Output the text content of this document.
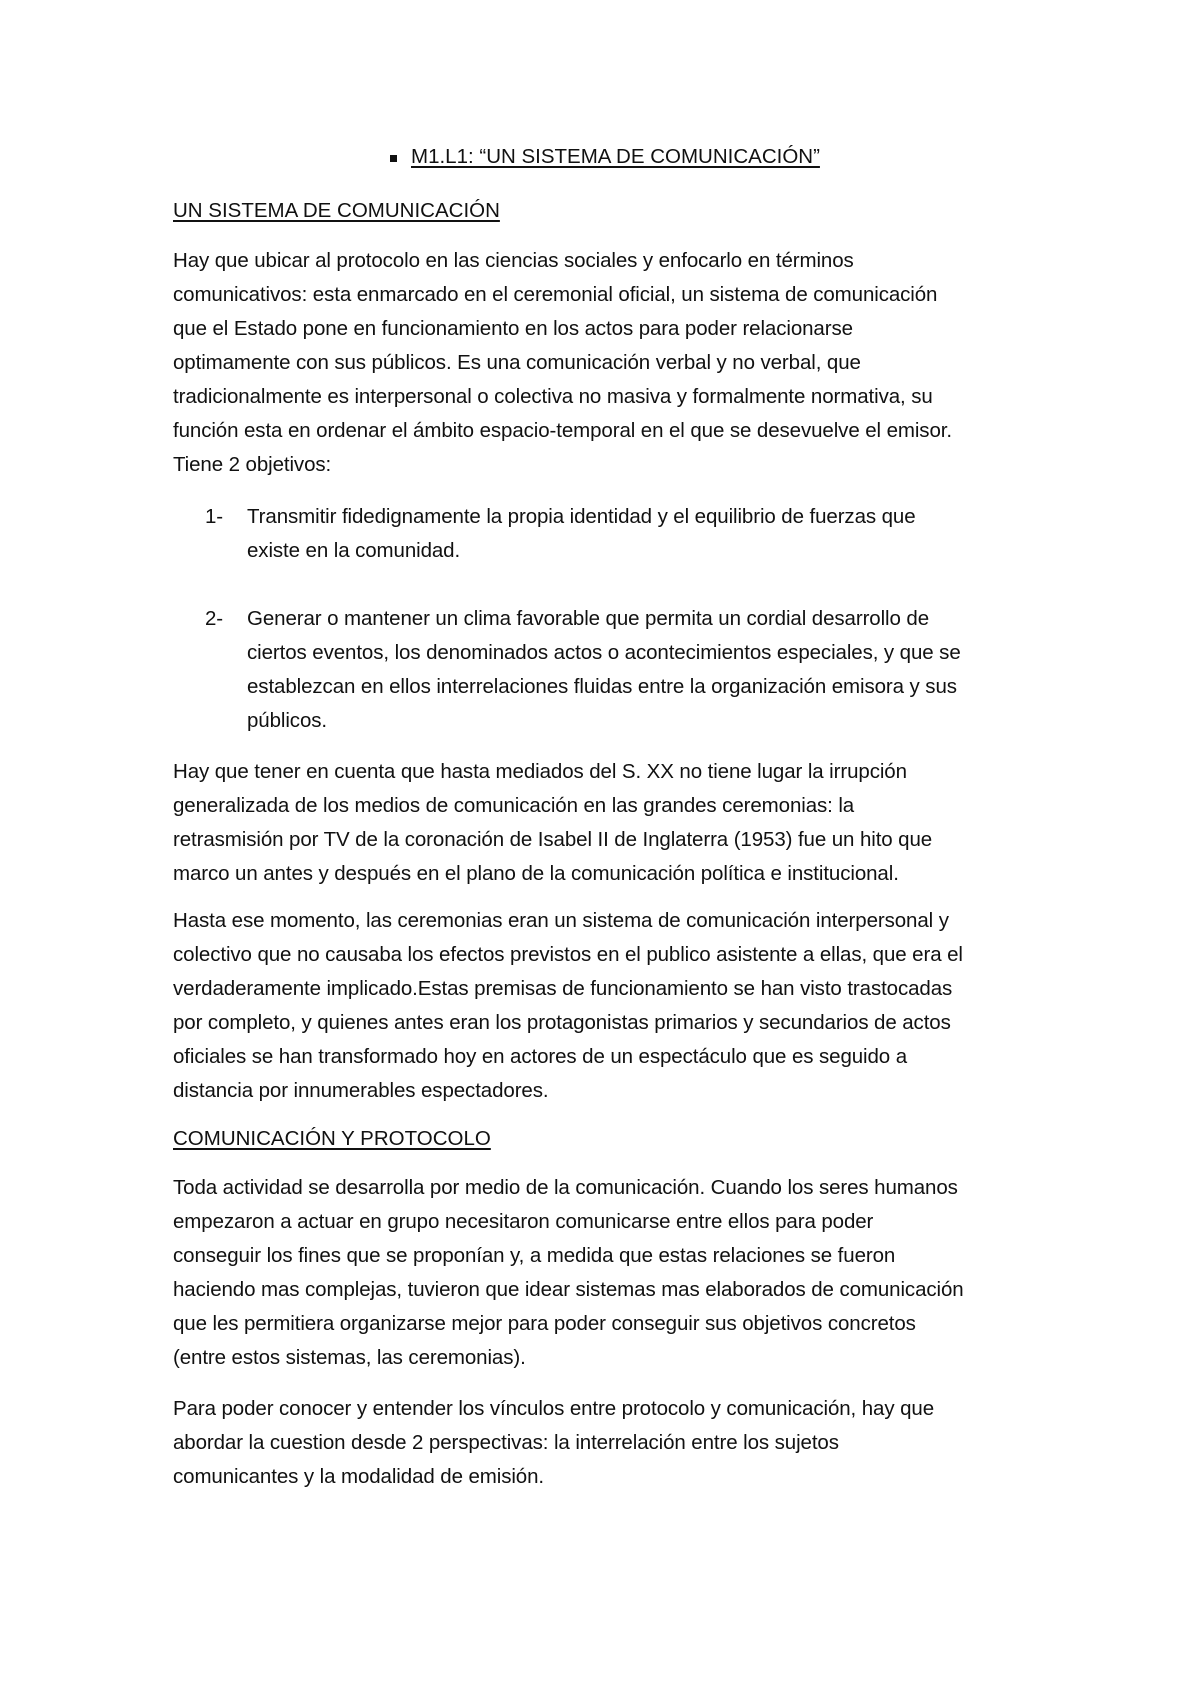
M1.L1: “UN SISTEMA DE COMUNICACIÓN”
UN SISTEMA DE COMUNICACIÓN
Hay que ubicar al protocolo en las ciencias sociales y enfocarlo en términos
comunicativos: esta enmarcado en el ceremonial oficial, un sistema de comunicación
que el Estado pone en funcionamiento en los actos para poder relacionarse
optimamente con sus públicos. Es una comunicación verbal y no verbal, que
tradicionalmente es interpersonal o colectiva no masiva y formalmente normativa, su
función esta en ordenar el ámbito espacio-temporal en el que se desevuelve el emisor.
Tiene 2 objetivos:
1-	Transmitir fidedignamente la propia identidad y el equilibrio de fuerzas que
existe en la comunidad.
2-	Generar o mantener un clima favorable que permita un cordial desarrollo de
ciertos eventos, los denominados actos o acontecimientos especiales, y que se
establezcan en ellos interrelaciones fluidas entre la organización emisora y sus
públicos.
Hay que tener en cuenta que hasta mediados del S. XX no tiene lugar la irrupción
generalizada de los medios de comunicación en las grandes ceremonias: la
retrasmisión por TV de la coronación de Isabel II de Inglaterra (1953) fue un hito que
marco un antes y después en el plano de la comunicación política e institucional.
Hasta ese momento, las ceremonias eran un sistema de comunicación interpersonal y
colectivo que no causaba los efectos previstos en el publico asistente a ellas, que era el
verdaderamente implicado.Estas premisas de funcionamiento se han visto trastocadas
por completo, y quienes antes eran los protagonistas primarios y secundarios de actos
oficiales se han transformado hoy en actores de un espectáculo que es seguido a
distancia por innumerables espectadores.
COMUNICACIÓN Y PROTOCOLO
Toda actividad se desarrolla por medio de la comunicación. Cuando los seres humanos
empezaron a actuar en grupo necesitaron comunicarse entre ellos para poder
conseguir los fines que se proponían y, a medida que estas relaciones se fueron
haciendo mas complejas, tuvieron que idear sistemas mas elaborados de comunicación
que les permitiera organizarse mejor para poder conseguir sus objetivos concretos
(entre estos sistemas, las ceremonias).
Para poder conocer y entender los vínculos entre protocolo y comunicación, hay que
abordar la cuestion desde 2 perspectivas: la interrelación entre los sujetos
comunicantes y la modalidad de emisión.
